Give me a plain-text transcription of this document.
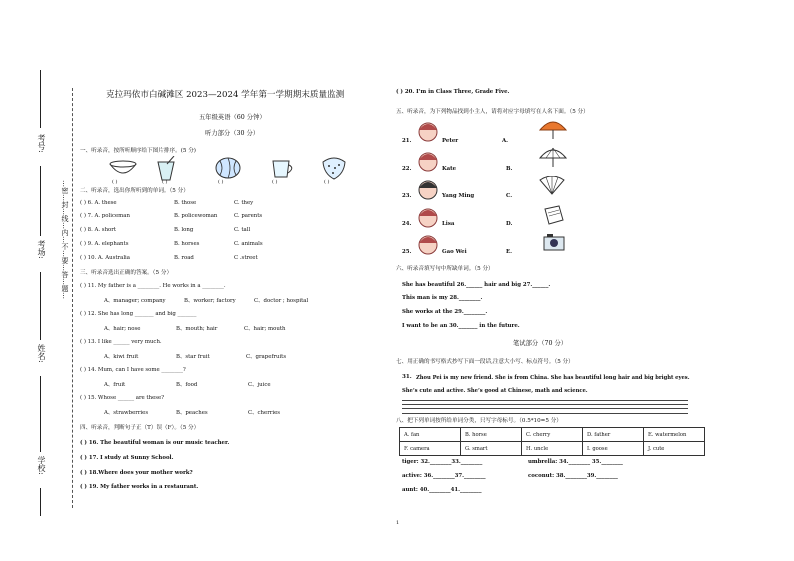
考号:
考场:
姓名:
学校:
…密…封…线…内…不…要…答…题…
克拉玛依市白碱滩区 2023—2024 学年第一学期期末质量监测
五年级英语（60 分钟）
听力部分（30 分）
一、听录音，按所听顺序给下图片排序。(5 分)
( )	( )	( )	( )	( )
二、听录音，选出你所听到的单词。（5 分）
( ) 6. A. these	B. those	C. they
( ) 7. A. policeman	B. policewoman	C. parents
( ) 8. A. short	B. long	C. tall
( ) 9. A. elephants	B. horses	C. animals
( ) 10. A. Australia	B. road	C .street
三、听录音选出正确的答案。（5 分）
( ) 11. My father is a ________. He works in a ________.
A、manager; company	B、worker; factory	C、doctor ; hospital
( ) 12. She has long _______ and big _______
A、hair; nose	B、mouth; hair	C、hair; mouth
( ) 13. I like ______ very much.
A、kiwi fruit	B、star fruit	C、grapefruits
( ) 14. Mum, can I have some ________?
A、fruit	B、food	C、juice
( ) 15. Whose ______ are these?
A、strawberries	B、peaches	C、cherries
四、听录音，判断句子正（T）误（F）。（5 分）
( ) 16. The beautiful woman is our music teacher.
( ) 17. I study at Sunny School.
( ) 18.Where does your mother work?
( ) 19. My father works in a restaurant.
( ) 20. I’m in Class Three, Grade Five.
五、听录音，为下列物品找到小主人，请将对应字母填写在人名下面。（5 分）
21.	Peter	A.
22.	Kate	B.
23.	Yang Ming	C.
24.	Lisa	D.
25.	Gao Wei	E.
六、听录音填写句中所缺单词。（5 分）
She has beautiful 26.______ hair and big 27.______.
This man is my 28.________.
She works at the 29.________.
I want to be an 30._______ in the future.
笔试部分（70 分）
七、用正确的书写格式抄写下面一段话,注意大小写、标点符号。（5 分）
31. Zhou Pei is my new friend. She is from China. She has beautiful long hair and big bright eyes.
She’s cute and active. She’s good at Chinese, math and science.
八、把下列单词按所给单词分类，只写字母标号。（0.5*10=5 分）
A. fan	B. horse	C. cherry	D. father	E. watermelon
F. camera	G. smart	H. uncle	I. goose	J. cute
tiger: 32.________33.________	umbrella: 34.________ 35.________
active: 36.________37.________	coconut: 38.________39.________
aunt: 40.________41.________
1
